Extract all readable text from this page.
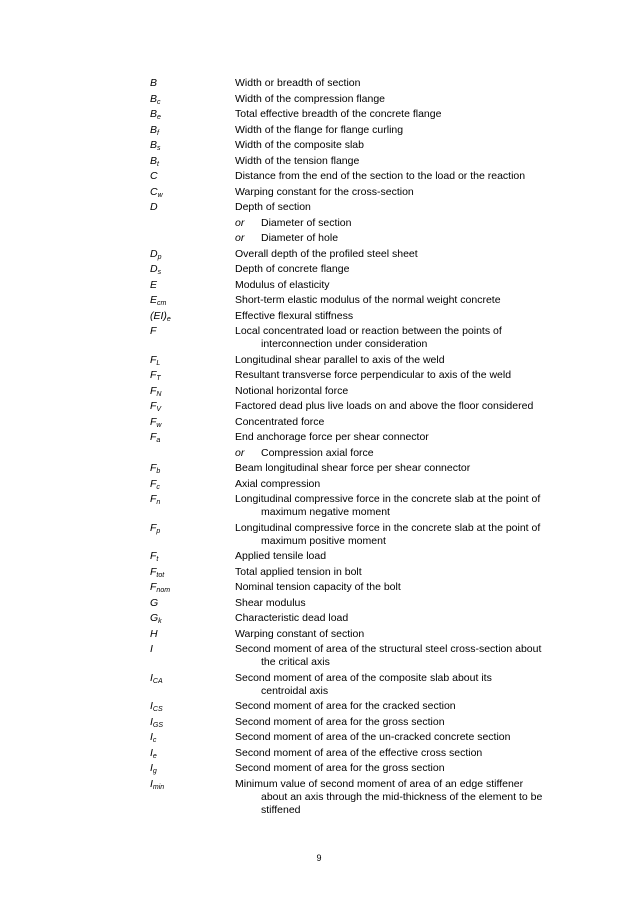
B	Width or breadth of section
$B_c$	Width of the compression flange
$B_e$	Total effective breadth of the concrete flange
$B_f$	Width of the flange for flange curling
$B_s$	Width of the composite slab
$B_t$	Width of the tension flange
C	Distance from the end of the section to the load or the reaction
$C_w$	Warping constant for the cross-section
D	Depth of section
or Diameter of section
or Diameter of hole
$D_p$	Overall depth of the profiled steel sheet
$D_s$	Depth of concrete flange
E	Modulus of elasticity
$E_{cm}$	Short-term elastic modulus of the normal weight concrete
$(EI)_e$	Effective flexural stiffness
F	Local concentrated load or reaction between the points of
interconnection under consideration
$F_L$	Longitudinal shear parallel to axis of the weld
$F_T$	Resultant transverse force perpendicular to axis of the weld
$F_N$	Notional horizontal force
$F_V$	Factored dead plus live loads on and above the floor considered
$F_w$	Concentrated force
$F_a$	End anchorage force per shear connector
or Compression axial force
$F_b$	Beam longitudinal shear force per shear connector
$F_c$	Axial compression
$F_n$	Longitudinal compressive force in the concrete slab at the point of
maximum negative moment
$F_p$	Longitudinal compressive force in the concrete slab at the point of
maximum positive moment
$F_t$	Applied tensile load
$F_{tot}$	Total applied tension in bolt
$F_{nom}$	Nominal tension capacity of the bolt
G	Shear modulus
$G_k$	Characteristic dead load
H	Warping constant of section
I	Second moment of area of the structural steel cross-section about
the critical axis
$I_{CA}$	Second moment of area of the composite slab about its
centroidal axis
$I_{CS}$	Second moment of area for the cracked section
$I_{GS}$	Second moment of area for the gross section
$I_c$	Second moment of area of the un-cracked concrete section
$I_e$	Second moment of area of the effective cross section
$I_g$	Second moment of area for the gross section
$I_{min}$	Minimum value of second moment of area of an edge stiffener
about an axis through the mid-thickness of the element to be
stiffened
9
